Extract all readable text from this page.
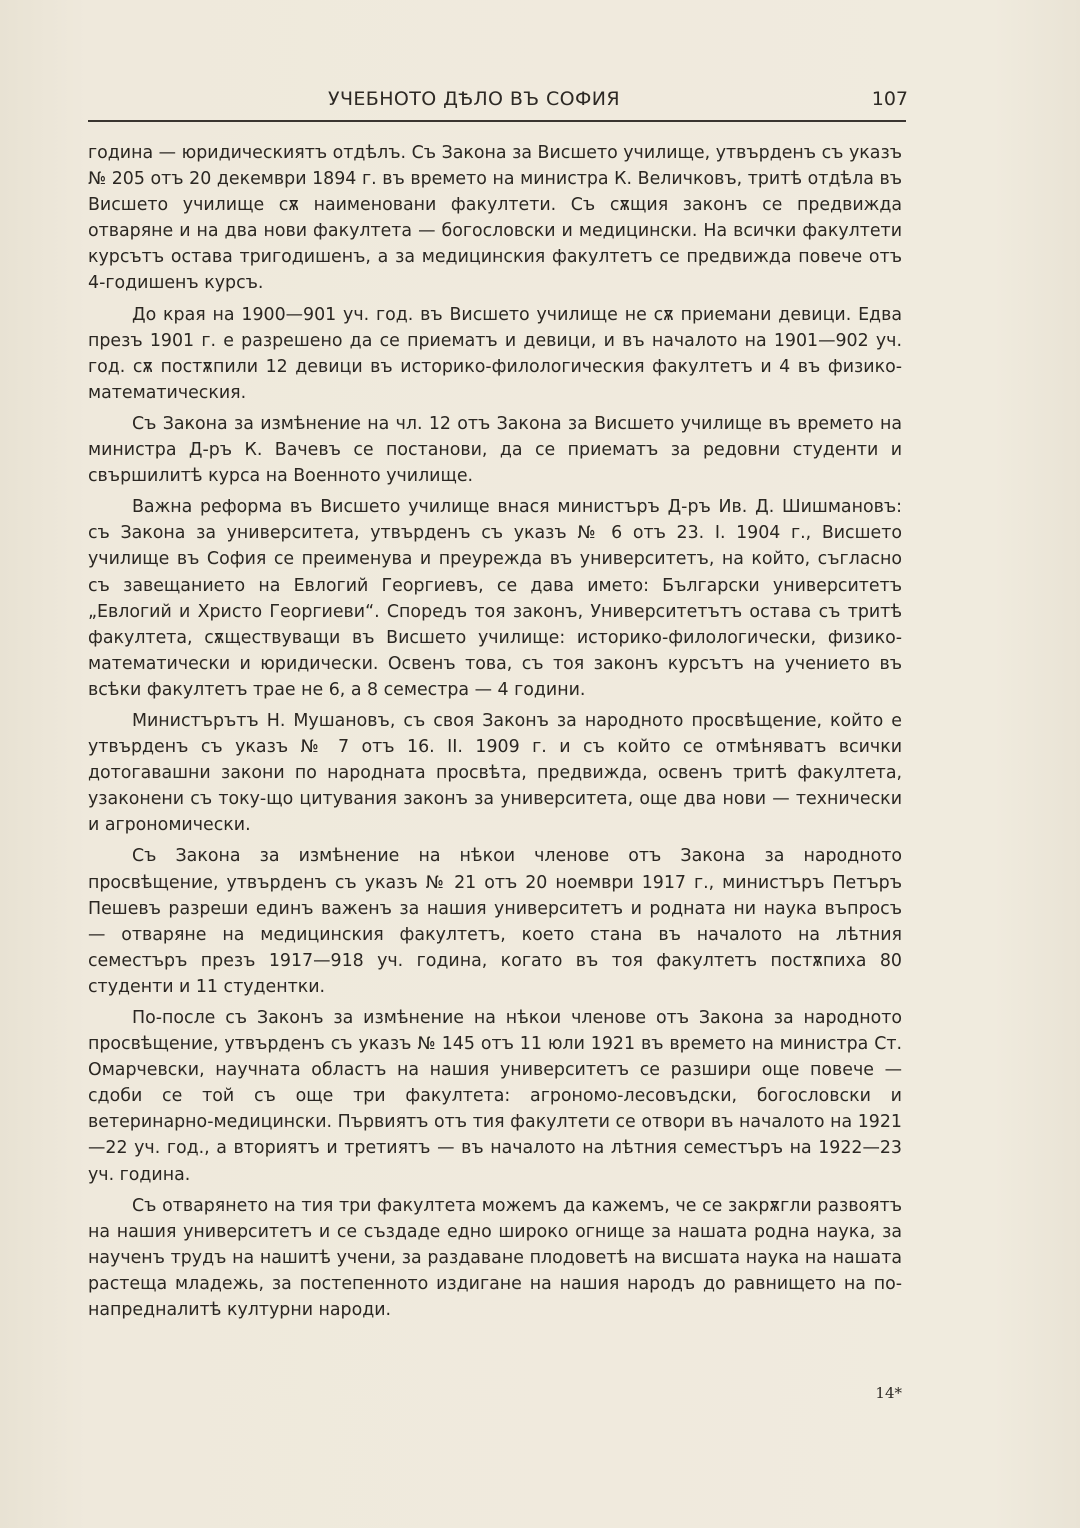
УЧЕБНОТО ДѢЛО ВЪ СОФИЯ	107

година — юридическиятъ отдѣлъ. Съ Закона за Висшето училище, утвърденъ съ указъ № 205 отъ 20 декември 1894 г. въ времето на министра К. Величковъ, тритѣ отдѣла въ Висшето училище сѫ наименовани факултети. Съ сѫщия законъ се предвижда отваряне и на два нови факултета — богословски и медицински. На всички факултети курсътъ остава тригодишенъ, а за медицинския факултетъ се предвижда повече отъ 4-годишенъ курсъ.

До края на 1900—901 уч. год. въ Висшето училище не сѫ приемани девици. Едва презъ 1901 г. е разрешено да се приематъ и девици, и въ началото на 1901—902 уч. год. сѫ постѫпили 12 девици въ историко-филологическия факултетъ и 4 въ физико-математическия.

Съ Закона за измѣнение на чл. 12 отъ Закона за Висшето училище въ времето на министра Д-ръ К. Вачевъ се постанови, да се приематъ за редовни студенти и свършилитѣ курса на Военното училище.

Важна реформа въ Висшето училище внася министъръ Д-ръ Ив. Д. Шишмановъ: съ Закона за университета, утвърденъ съ указъ № 6 отъ 23. I. 1904 г., Висшето училище въ София се преименува и преурежда въ университетъ, на който, съгласно съ завещанието на Евлогий Георгиевъ, се дава името: Български университетъ „Евлогий и Христо Георгиеви“. Споредъ тоя законъ, Университетътъ остава съ тритѣ факултета, сѫществуващи въ Висшето училище: историко-филологически, физико-математически и юридически. Освенъ това, съ тоя законъ курсътъ на учението въ всѣки факултетъ трае не 6, а 8 семестра — 4 години.

Министърътъ Н. Мушановъ, съ своя Законъ за народното просвѣщение, който е утвърденъ съ указъ № 7 отъ 16. II. 1909 г. и съ който се отмѣняватъ всички дотогавашни закони по народната просвѣта, предвижда, освенъ тритѣ факултета, узаконени съ току-що цитувания законъ за университета, още два нови — технически и агрономически.

Съ Закона за измѣнение на нѣкои членове отъ Закона за народното просвѣщение, утвърденъ съ указъ № 21 отъ 20 ноември 1917 г., министъръ Петъръ Пешевъ разреши единъ важенъ за нашия университетъ и родната ни наука въпросъ — отваряне на медицинския факултетъ, което стана въ началото на лѣтния семестъръ презъ 1917—918 уч. година, когато въ тоя факултетъ постѫпиха 80 студенти и 11 студентки.

По-после съ Законъ за измѣнение на нѣкои членове отъ Закона за народното просвѣщение, утвърденъ съ указъ № 145 отъ 11 юли 1921 въ времето на министра Ст. Омарчевски, научната областъ на нашия университетъ се разшири още повече — сдоби се той съ още три факултета: агрономо-лесовъдски, богословски и ветеринарно-медицински. Първиятъ отъ тия факултети се отвори въ началото на 1921—22 уч. год., а вториятъ и третиятъ — въ началото на лѣтния семестъръ на 1922—23 уч. година.

Съ отварянето на тия три факултета можемъ да кажемъ, че се закрѫгли развоятъ на нашия университетъ и се създаде едно широко огнище за нашата родна наука, за наученъ трудъ на нашитѣ учени, за раздаване плодоветѣ на висшата наука на нашата растеща младежь, за постепенното издигане на нашия народъ до равнището на по-напредналитѣ културни народи.

14*
